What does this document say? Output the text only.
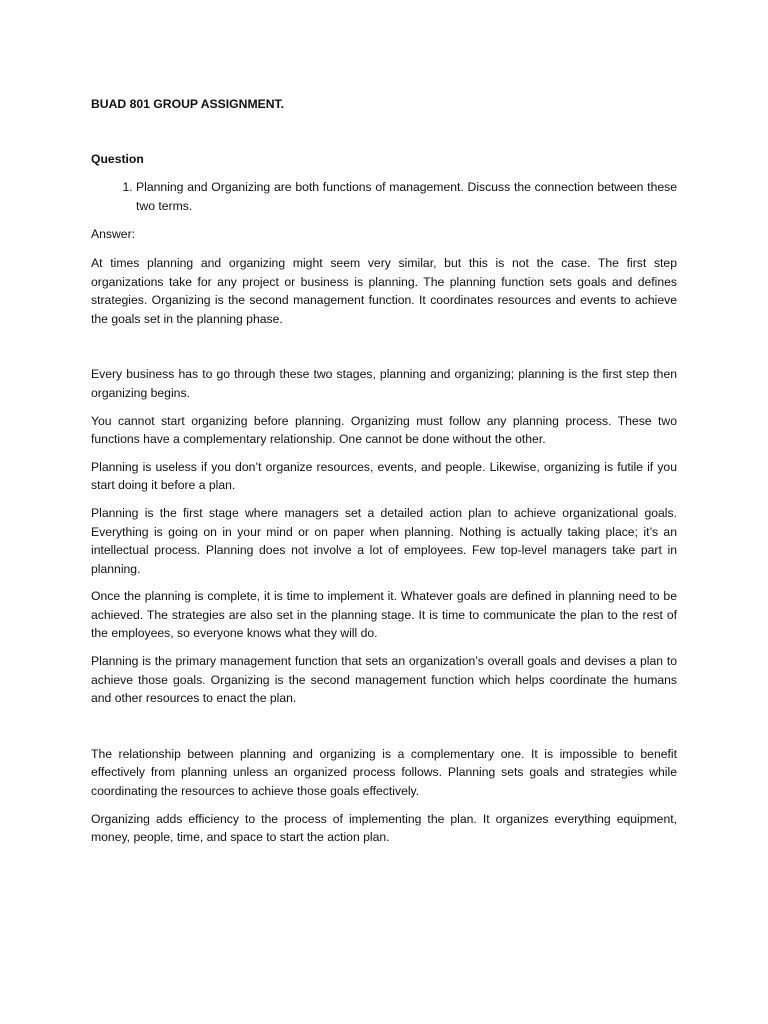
BUAD 801 GROUP ASSIGNMENT.

Question

1. Planning and Organizing are both functions of management. Discuss the connection between these two terms.

Answer:

At times planning and organizing might seem very similar, but this is not the case. The first step organizations take for any project or business is planning. The planning function sets goals and defines strategies. Organizing is the second management function. It coordinates resources and events to achieve the goals set in the planning phase.

Every business has to go through these two stages, planning and organizing; planning is the first step then organizing begins.

You cannot start organizing before planning. Organizing must follow any planning process. These two functions have a complementary relationship. One cannot be done without the other.

Planning is useless if you don’t organize resources, events, and people. Likewise, organizing is futile if you start doing it before a plan.

Planning is the first stage where managers set a detailed action plan to achieve organizational goals. Everything is going on in your mind or on paper when planning. Nothing is actually taking place; it’s an intellectual process. Planning does not involve a lot of employees. Few top-level managers take part in planning.

Once the planning is complete, it is time to implement it. Whatever goals are defined in planning need to be achieved. The strategies are also set in the planning stage. It is time to communicate the plan to the rest of the employees, so everyone knows what they will do.

Planning is the primary management function that sets an organization’s overall goals and devises a plan to achieve those goals. Organizing is the second management function which helps coordinate the humans and other resources to enact the plan.

The relationship between planning and organizing is a complementary one. It is impossible to benefit effectively from planning unless an organized process follows. Planning sets goals and strategies while coordinating the resources to achieve those goals effectively.

Organizing adds efficiency to the process of implementing the plan. It organizes everything equipment, money, people, time, and space to start the action plan.
